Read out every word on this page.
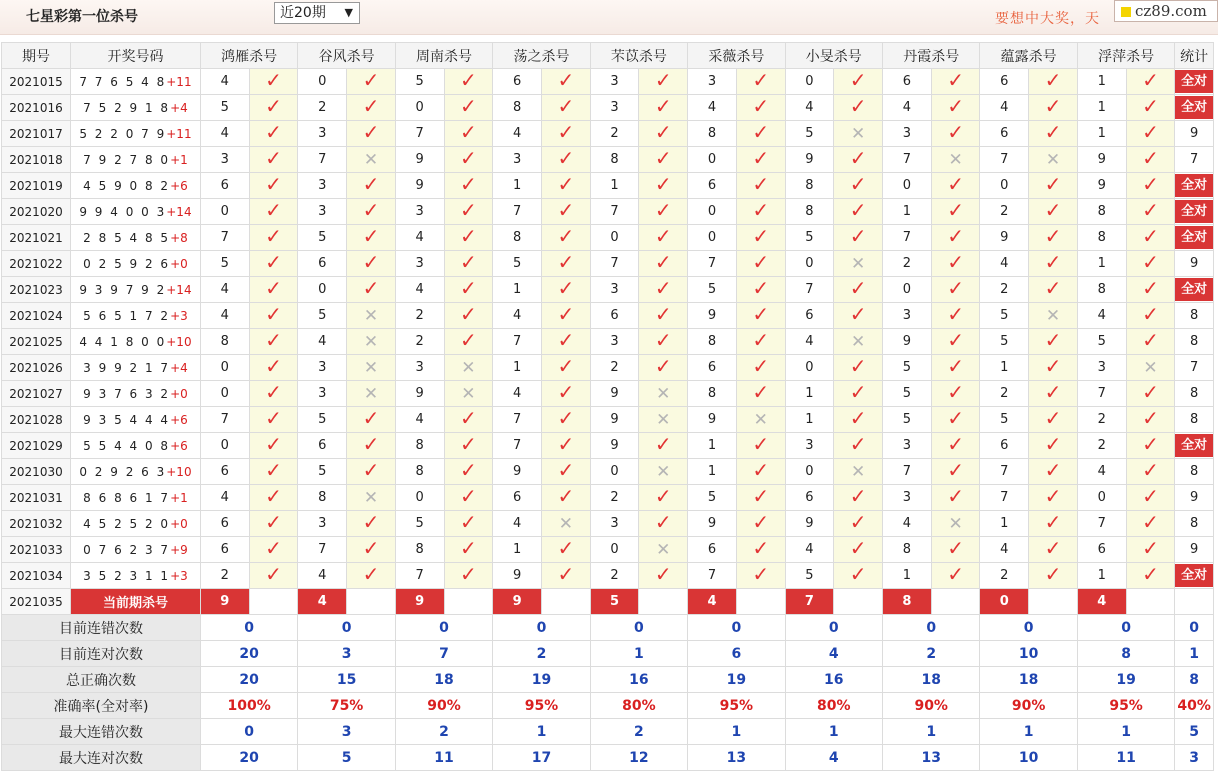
七星彩第一位杀号	近20期 ▼	要想中大奖，天	cz89.com
期号	开奖号码	鸿雁杀号		谷风杀号		周南杀号		荡之杀号		芣苡杀号		采薇杀号		小旻杀号		丹霞杀号		蕴露杀号		浮萍杀号		统计
2021015	7 7 6 5 4 8+11	4	✓	0	✓	5	✓	6	✓	3	✓	3	✓	0	✓	6	✓	6	✓	1	✓	全对

2021016	7 5 2 9 1 8+4	5	✓	2	✓	0	✓	8	✓	3	✓	4	✓	4	✓	4	✓	4	✓	1	✓	全对

2021017	5 2 2 0 7 9+11	4	✓	3	✓	7	✓	4	✓	2	✓	8	✓	5	✕	3	✓	6	✓	1	✓	9
2021018	7 9 2 7 8 0+1	3	✓	7	✕	9	✓	3	✓	8	✓	0	✓	9	✓	7	✕	7	✕	9	✓	7
2021019	4 5 9 0 8 2+6	6	✓	3	✓	9	✓	1	✓	1	✓	6	✓	8	✓	0	✓	0	✓	9	✓	全对

2021020	9 9 4 0 0 3+14	0	✓	3	✓	3	✓	7	✓	7	✓	0	✓	8	✓	1	✓	2	✓	8	✓	全对

2021021	2 8 5 4 8 5+8	7	✓	5	✓	4	✓	8	✓	0	✓	0	✓	5	✓	7	✓	9	✓	8	✓	全对

2021022	0 2 5 9 2 6+0	5	✓	6	✓	3	✓	5	✓	7	✓	7	✓	0	✕	2	✓	4	✓	1	✓	9
2021023	9 3 9 7 9 2+14	4	✓	0	✓	4	✓	1	✓	3	✓	5	✓	7	✓	0	✓	2	✓	8	✓	全对

2021024	5 6 5 1 7 2+3	4	✓	5	✕	2	✓	4	✓	6	✓	9	✓	6	✓	3	✓	5	✕	4	✓	8
2021025	4 4 1 8 0 0+10	8	✓	4	✕	2	✓	7	✓	3	✓	8	✓	4	✕	9	✓	5	✓	5	✓	8
2021026	3 9 9 2 1 7+4	0	✓	3	✕	3	✕	1	✓	2	✓	6	✓	0	✓	5	✓	1	✓	3	✕	7
2021027	9 3 7 6 3 2+0	0	✓	3	✕	9	✕	4	✓	9	✕	8	✓	1	✓	5	✓	2	✓	7	✓	8
2021028	9 3 5 4 4 4+6	7	✓	5	✓	4	✓	7	✓	9	✕	9	✕	1	✓	5	✓	5	✓	2	✓	8
2021029	5 5 4 4 0 8+6	0	✓	6	✓	8	✓	7	✓	9	✓	1	✓	3	✓	3	✓	6	✓	2	✓	全对

2021030	0 2 9 2 6 3+10	6	✓	5	✓	8	✓	9	✓	0	✕	1	✓	0	✕	7	✓	7	✓	4	✓	8
2021031	8 6 8 6 1 7+1	4	✓	8	✕	0	✓	6	✓	2	✓	5	✓	6	✓	3	✓	7	✓	0	✓	9
2021032	4 5 2 5 2 0+0	6	✓	3	✓	5	✓	4	✕	3	✓	9	✓	9	✓	4	✕	1	✓	7	✓	8
2021033	0 7 6 2 3 7+9	6	✓	7	✓	8	✓	1	✓	0	✕	6	✓	4	✓	8	✓	4	✓	6	✓	9
2021034	3 5 2 3 1 1+3	2	✓	4	✓	7	✓	9	✓	2	✓	7	✓	5	✓	1	✓	2	✓	1	✓	全对

2021035	当前期杀号	9		4		9		9		5		4		7		8		0		4		
目前连错次数		0		0		0		0		0		0		0		0		0		0		0
目前连对次数		20		3		7		2		1		6		4		2		10		8		1
总正确次数		20		15		18		19		16		19		16		18		18		19		8
准确率(全对率)		100%		75%		90%		95%		80%		95%		80%		90%		90%		95%		40%
最大连错次数		0		3		2		1		2		1		1		1		1		1		5
最大连对次数		20		5		11		17		12		13		4		13		10		11		3
